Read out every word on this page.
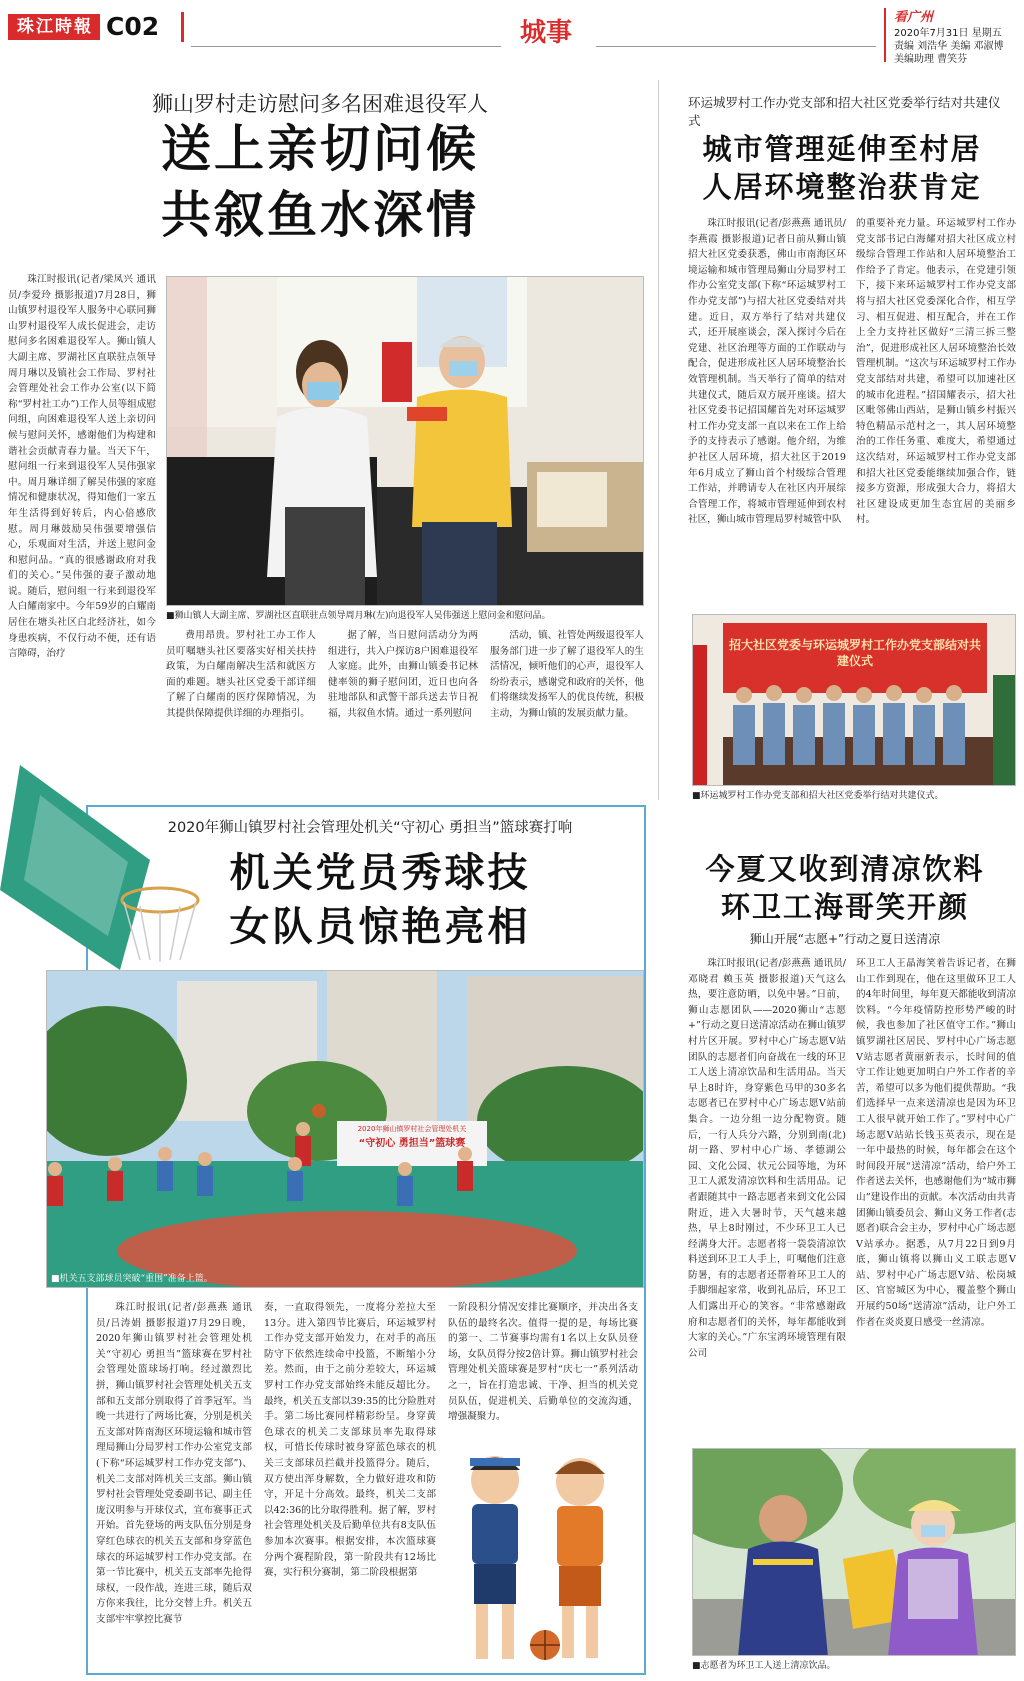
珠江時報 C02	城事
看广州
2020年7月31日 星期五
责编 刘浩华 美编 邓淑博
美编助理 曹笑芬
狮山罗村走访慰问多名困难退役军人
送上亲切问候
共叙鱼水深情

珠江时报讯(记者/梁凤兴 通讯员/李爱玲 摄影报道)7月28日，狮山镇罗村退役军人服务中心联同狮山罗村退役军人成长促进会，走访慰问多名困难退役军人。狮山镇人大副主席、罗湖社区直联驻点领导周月琳以及镇社会工作局、罗村社会管理处社会工作办公室(以下简称“罗村社工办”)工作人员等组成慰问组，向困难退役军人送上亲切问候与慰问关怀，感谢他们为构建和谐社会贡献青春力量。当天下午，慰问组一行来到退役军人吴伟强家中。周月琳详细了解吴伟强的家庭情况和健康状况，得知他们一家五年生活得到好转后，内心倍感欣慰。周月琳鼓励吴伟强要增强信心，乐观面对生活，并送上慰问金和慰问品。“真的很感谢政府对我们的关心。”吴伟强的妻子激动地说。随后，慰问组一行来到退役军人白耀南家中。今年59岁的白耀南居住在塘头社区白北经济社，如今身患疾病，不仅行动不便，还有语言障碍，治疗

■狮山镇人大副主席、罗湖社区直联驻点领导周月琳(左)向退役军人吴伟强送上慰问金和慰问品。

费用昂贵。罗村社工办工作人员叮嘱塘头社区要落实好相关扶持政策，为白耀南解决生活和就医方面的难题。塘头社区党委干部详细了解了白耀南的医疗保障情况，为其提供保障提供详细的办理指引。

据了解，当日慰问活动分为两组进行，共入户探访8户困难退役军人家庭。此外，由狮山镇委书记林健率领的狮子慰问团，近日也向各驻地部队和武警干部兵送去节日祝福，共叙鱼水情。通过一系列慰问

活动，镇、社管处两级退役军人服务部门进一步了解了退役军人的生活情况，倾听他们的心声，退役军人纷纷表示，感谢党和政府的关怀，他们将继续发扬军人的优良传统，积极主动，为狮山镇的发展贡献力量。

环运城罗村工作办党支部和招大社区党委举行结对共建仪式
城市管理延伸至村居
人居环境整治获肯定

珠江时报讯(记者/彭燕燕 通讯员/李燕霞 摄影报道)记者日前从狮山镇招大社区党委获悉，佛山市南海区环境运输和城市管理局狮山分局罗村工作办公室党支部(下称“环运城罗村工作办党支部”)与招大社区党委结对共建。近日，双方举行了结对共建仪式，还开展座谈会，深入探讨今后在党建、社区治理等方面的工作联动与配合，促进形成社区人居环境整治长效管理机制。当天举行了简单的结对共建仪式，随后双方展开座谈。招大社区党委书记招国耀首先对环运城罗村工作办党支部一直以来在工作上给予的支持表示了感谢。他介绍，为维护社区人居环境，招大社区于2019年6月成立了狮山首个村级综合管理工作站，并聘请专人在社区内开展综合管理工作，将城市管理延伸到农村社区，狮山城市管理局罗村城管中队

的重要补充力量。环运城罗村工作办党支部书记白海耀对招大社区成立村级综合管理工作站和人居环境整治工作给予了肯定。他表示，在党建引领下，接下来环运城罗村工作办党支部将与招大社区党委深化合作，相互学习、相互促进、相互配合，并在工作上全力支持社区做好“三清三拆三整治”，促进形成社区人居环境整治长效管理机制。“这次与环运城罗村工作办党支部结对共建，希望可以加速社区的城市化进程。”招国耀表示，招大社区毗邻佛山西站，是狮山镇乡村振兴特色精品示范村之一，其人居环境整治的工作任务重、难度大，希望通过这次结对，环运城罗村工作办党支部和招大社区党委能继续加强合作，链接多方资源，形成强大合力，将招大社区建设成更加生态宜居的美丽乡村。

招大社区党委与环运城罗村工作办党支部结对共建仪式
■环运城罗村工作办党支部和招大社区党委举行结对共建仪式。
2020年狮山镇罗村社会管理处机关“守初心 勇担当”篮球赛打响
机关党员秀球技
女队员惊艳亮相
2020年狮山镇罗村社会管理处机关
“守初心 勇担当”篮球赛
■机关五支部球员突破“重围”准备上篮。

珠江时报讯(记者/彭燕燕 通讯员/吕涛娟 摄影报道)7月29日晚，2020年狮山镇罗村社会管理处机关“守初心 勇担当”篮球赛在罗村社会管理处篮球场打响。经过激烈比拼，狮山镇罗村社会管理处机关五支部和五支部分别取得了首季冠军。当晚一共进行了两场比赛，分别是机关五支部对阵南海区环境运输和城市管理局狮山分局罗村工作办公室党支部(下称“环运城罗村工作办党支部”)、机关二支部对阵机关三支部。狮山镇罗村社会管理处党委副书记、副主任庞汉明参与开球仪式，宣布赛事正式开始。首先登场的两支队伍分别是身穿红色球衣的机关五支部和身穿蓝色球衣的环运城罗村工作办党支部。在第一节比赛中，机关五支部率先抢得球权，一段作战，连进三球，随后双方你来我往，比分交替上升。机关五支部牢牢掌控比赛节

奏，一直取得领先，一度将分差拉大至13分。进入第四节比赛后，环运城罗村工作办党支部开始发力，在对手的高压防守下依然连续命中投篮，不断缩小分差。然而，由于之前分差较大，环运城罗村工作办党支部始终未能反超比分。最终，机关五支部以39:35的比分险胜对手。第二场比赛同样精彩纷呈。身穿黄色球衣的机关二支部球员率先取得球权，可惜长传球时被身穿蓝色球衣的机关三支部球员拦截并投篮得分。随后，双方使出浑身解数，全力做好进攻和防守，开足十分高效。最终，机关二支部以42:36的比分取得胜利。据了解，罗村社会管理处机关及后勤单位共有8支队伍参加本次赛事。根据安排，本次篮球赛分两个赛程阶段，第一阶段共有12场比赛，实行积分赛制，第二阶段根据第

一阶段积分情况安排比赛顺序，并决出各支队伍的最终名次。值得一提的是，每场比赛的第一、二节赛事均需有1名以上女队员登场，女队员得分按2倍计算。狮山镇罗村社会管理处机关篮球赛是罗村“庆七一”系列活动之一，旨在打造忠诚、干净、担当的机关党员队伍，促进机关、后勤单位的交流沟通，增强凝聚力。

今夏又收到清凉饮料
环卫工海哥笑开颜
狮山开展“志愿+”行动之夏日送清凉

珠江时报讯(记者/彭燕燕 通讯员/邓晓君 赖玉英 摄影报道)天气这么热，要注意防晒，以免中暑。”日前，狮山志愿团队——2020狮山“志愿+”行动之夏日送清凉活动在狮山镇罗村片区开展。罗村中心广场志愿V站团队的志愿者们向奋战在一线的环卫工人送上清凉饮品和生活用品。当天早上8时许，身穿紫色马甲的30多名志愿者已在罗村中心广场志愿V站前集合。一边分组一边分配物资。随后，一行人兵分六路，分别到南(北)胡一路、罗村中心广场、孝德湖公园、文化公园、状元公园等地，为环卫工人派发清凉饮料和生活用品。记者跟随其中一路志愿者来到文化公园附近，进入大暑时节，天气越来越热，早上8时刚过，不少环卫工人已经满身大汗。志愿者将一袋袋清凉饮料送到环卫工人手上，叮嘱他们注意防暑，有的志愿者还帮着环卫工人的手脚细起家常，收到礼品后，环卫工人们露出开心的笑容。“非常感谢政府和志愿者们的关怀，每年都能收到大家的关心。”广东宝鸿环境管理有限公司

环卫工人王晶海笑着告诉记者，在狮山工作到现在，他在这里做环卫工人的4年时间里，每年夏天都能收到清凉饮料。“今年疫情防控形势严峻的时候，我也参加了社区值守工作。”狮山镇罗湖社区居民、罗村中心广场志愿V站志愿者黄丽新表示，长时间的值守工作让她更加明白户外工作者的辛苦，希望可以多为他们提供帮助。“我们选择早一点来送清凉也是因为环卫工人很早就开始工作了。”罗村中心广场志愿V站站长钱玉英表示，现在是一年中最热的时候，每年都会在这个时间段开展“送清凉”活动，给户外工作者送去关怀，也感谢他们为“城市狮山”建设作出的贡献。本次活动由共青团狮山镇委员会、狮山义务工作者(志愿者)联合会主办，罗村中心广场志愿V站承办。据悉，从7月22日到9月底，狮山镇将以狮山义工联志愿V站、罗村中心广场志愿V站、松岗城区、官窑城区为中心，覆盖整个狮山开展约50场“送清凉”活动，让户外工作者在炎炎夏日感受一丝清凉。

■志愿者为环卫工人送上清凉饮品。
